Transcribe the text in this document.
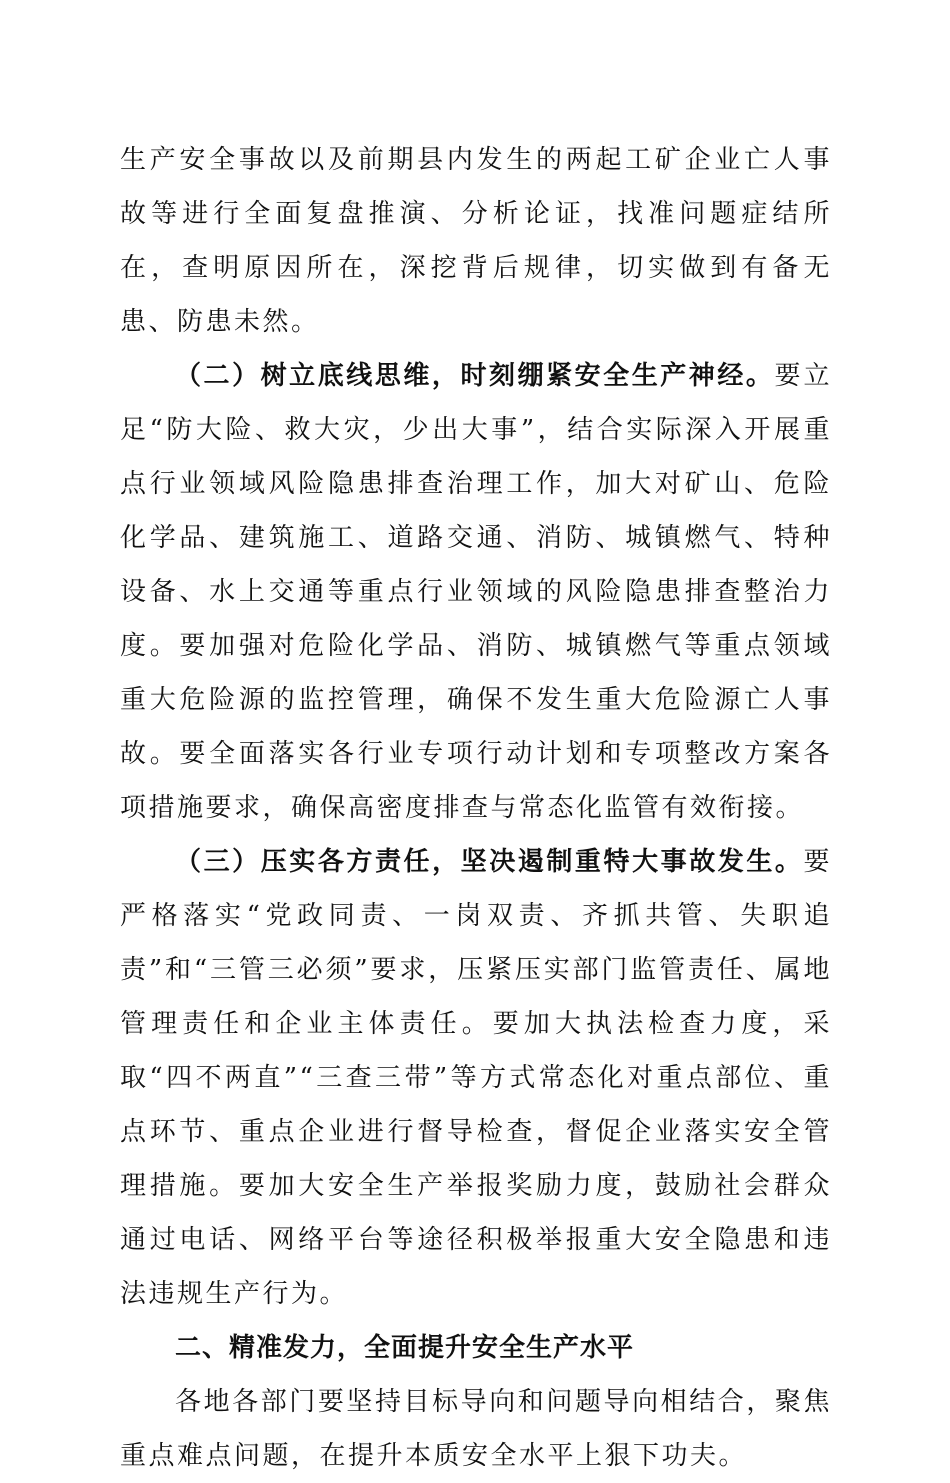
生产安全事故以及前期县内发生的两起工矿企业亡人事故等进行全面复盘推演、分析论证，找准问题症结所在，查明原因所在，深挖背后规律，切实做到有备无患、防患未然。

（二）树立底线思维，时刻绷紧安全生产神经。要立足“防大险、救大灾，少出大事”，结合实际深入开展重点行业领域风险隐患排查治理工作，加大对矿山、危险化学品、建筑施工、道路交通、消防、城镇燃气、特种设备、水上交通等重点行业领域的风险隐患排查整治力度。要加强对危险化学品、消防、城镇燃气等重点领域重大危险源的监控管理，确保不发生重大危险源亡人事故。要全面落实各行业专项行动计划和专项整改方案各项措施要求，确保高密度排查与常态化监管有效衔接。

（三）压实各方责任，坚决遏制重特大事故发生。要严格落实“党政同责、一岗双责、齐抓共管、失职追责”和“三管三必须”要求，压紧压实部门监管责任、属地管理责任和企业主体责任。要加大执法检查力度，采取“四不两直”“三查三带”等方式常态化对重点部位、重点环节、重点企业进行督导检查，督促企业落实安全管理措施。要加大安全生产举报奖励力度，鼓励社会群众通过电话、网络平台等途径积极举报重大安全隐患和违法违规生产行为。

二、精准发力，全面提升安全生产水平

各地各部门要坚持目标导向和问题导向相结合，聚焦重点难点问题，在提升本质安全水平上狠下功夫。
